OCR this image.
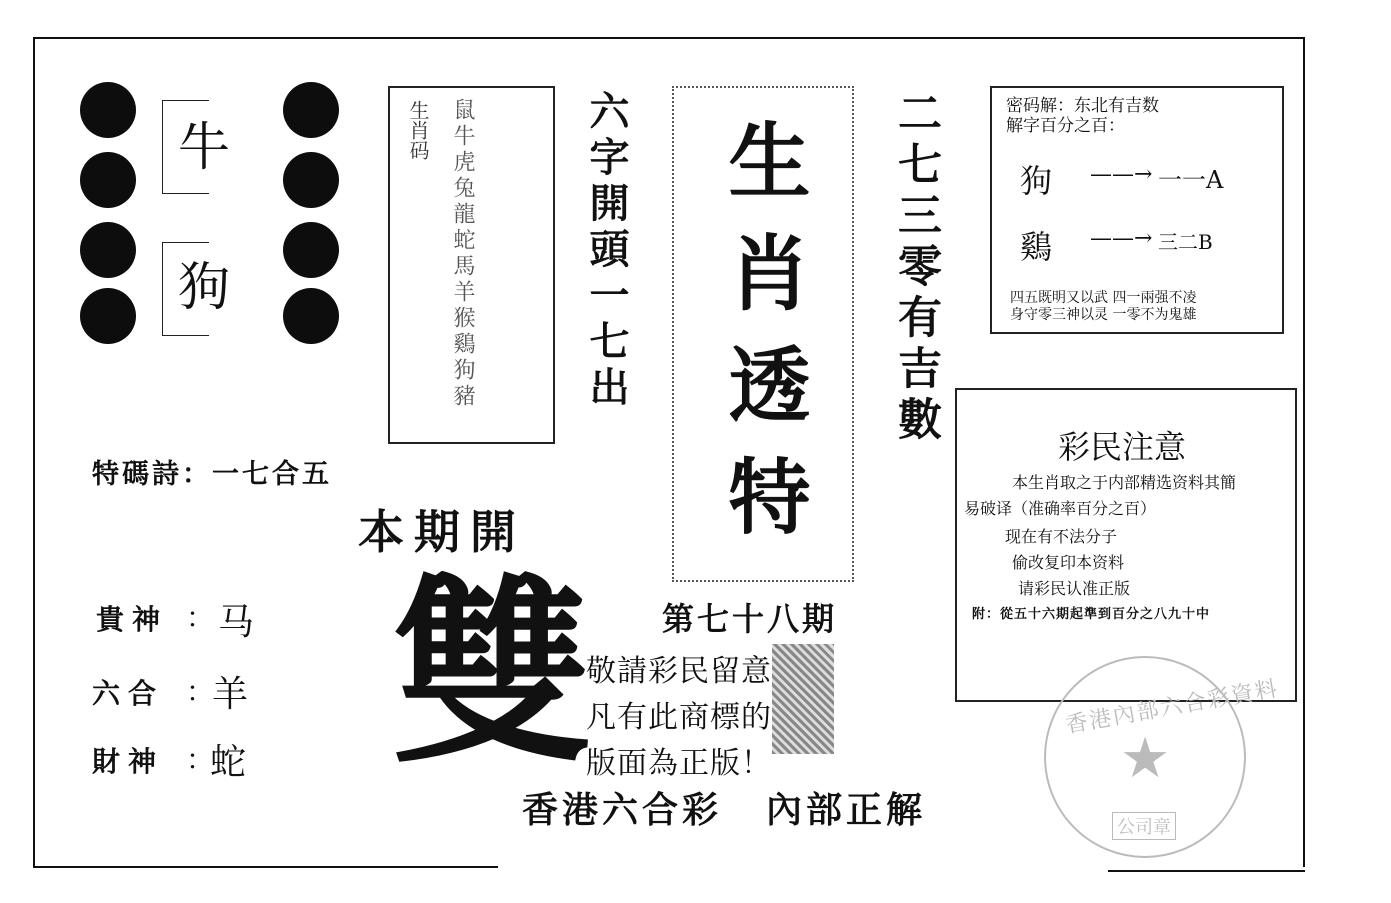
牛
狗
生肖码 鼠牛虎兔龍蛇馬羊猴鷄狗豬	六字開頭一七出 生肖透特 二七三零有吉數	密码解：东北有吉数
解字百分之百：
狗 ——→ 一一A
鷄 ——→ 三二B
四五既明又以武 四一兩强不凌
身守零三神以灵 一零不为鬼雄
彩民注意
本生肖取之于内部精选资料其簡
易破译（准确率百分之百）
现在有不法分子
偷改复印本资料
请彩民认准正版
附：從五十六期起準到百分之八九十中
特碼詩：一七合五
本期開
雙
貴神 ： 马
六合 ：
羊
財神 ：
蛇
第七十八期
敬請彩民留意
凡有此商標的
版面為正版！
香港六合彩 內部正解
香港內部六合彩資料
★
公司章
